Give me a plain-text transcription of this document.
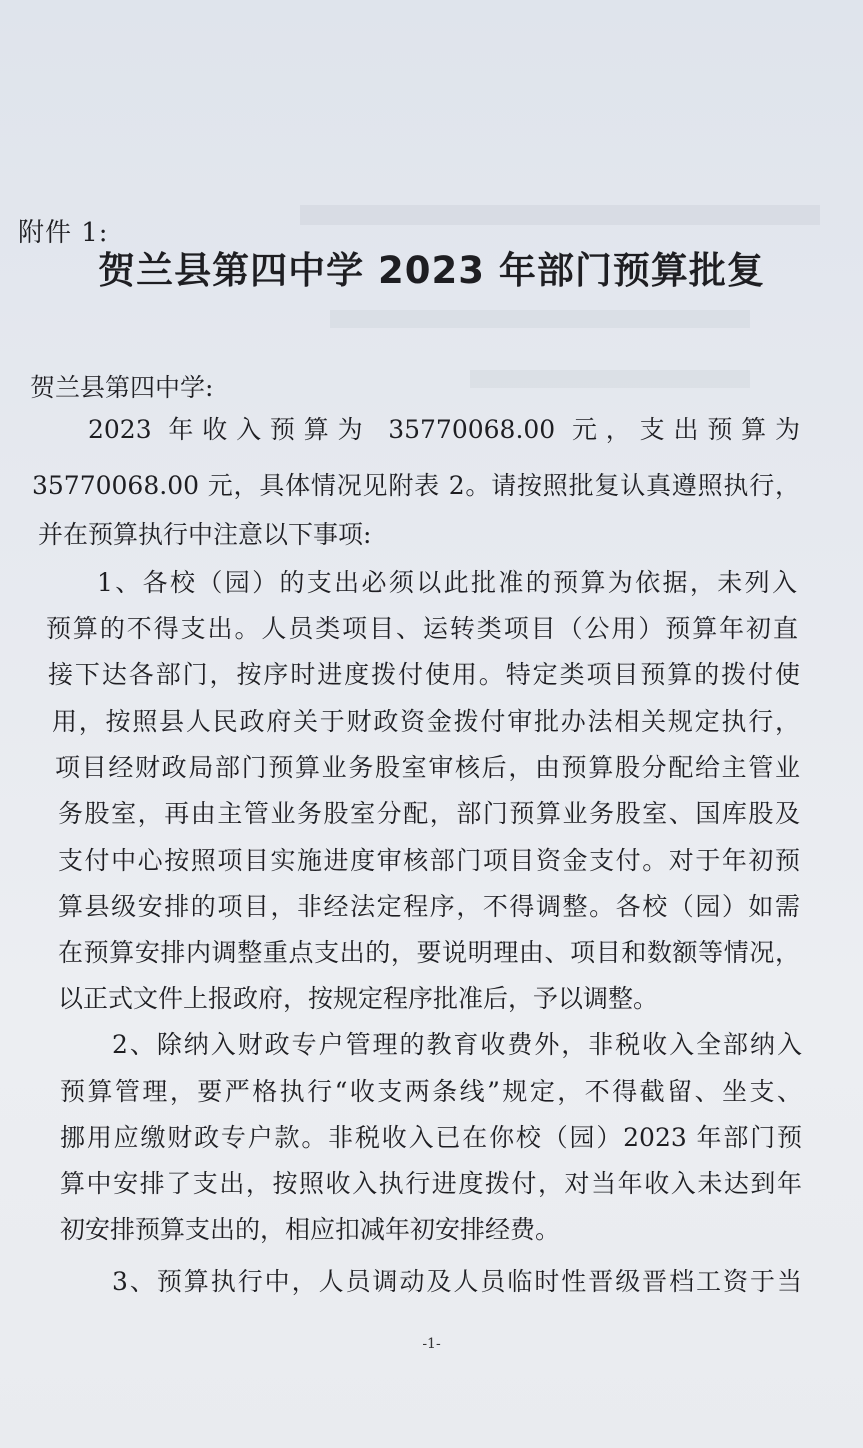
附件 1:
贺兰县第四中学 2023 年部门预算批复
贺兰县第四中学:
2023 年收入预算为 35770068.00 元，支出预算为
35770068.00 元，具体情况见附表 2。请按照批复认真遵照执行，
并在预算执行中注意以下事项:
1、各校（园）的支出必须以此批准的预算为依据，未列入
预算的不得支出。人员类项目、运转类项目（公用）预算年初直
接下达各部门，按序时进度拨付使用。特定类项目预算的拨付使
用，按照县人民政府关于财政资金拨付审批办法相关规定执行，
项目经财政局部门预算业务股室审核后，由预算股分配给主管业
务股室，再由主管业务股室分配，部门预算业务股室、国库股及
支付中心按照项目实施进度审核部门项目资金支付。对于年初预
算县级安排的项目，非经法定程序，不得调整。各校（园）如需
在预算安排内调整重点支出的，要说明理由、项目和数额等情况，
以正式文件上报政府，按规定程序批准后，予以调整。
2、除纳入财政专户管理的教育收费外，非税收入全部纳入
预算管理，要严格执行“收支两条线”规定，不得截留、坐支、
挪用应缴财政专户款。非税收入已在你校（园）2023 年部门预
算中安排了支出，按照收入执行进度拨付，对当年收入未达到年
初安排预算支出的，相应扣减年初安排经费。
3、预算执行中，人员调动及人员临时性晋级晋档工资于当
-1-
